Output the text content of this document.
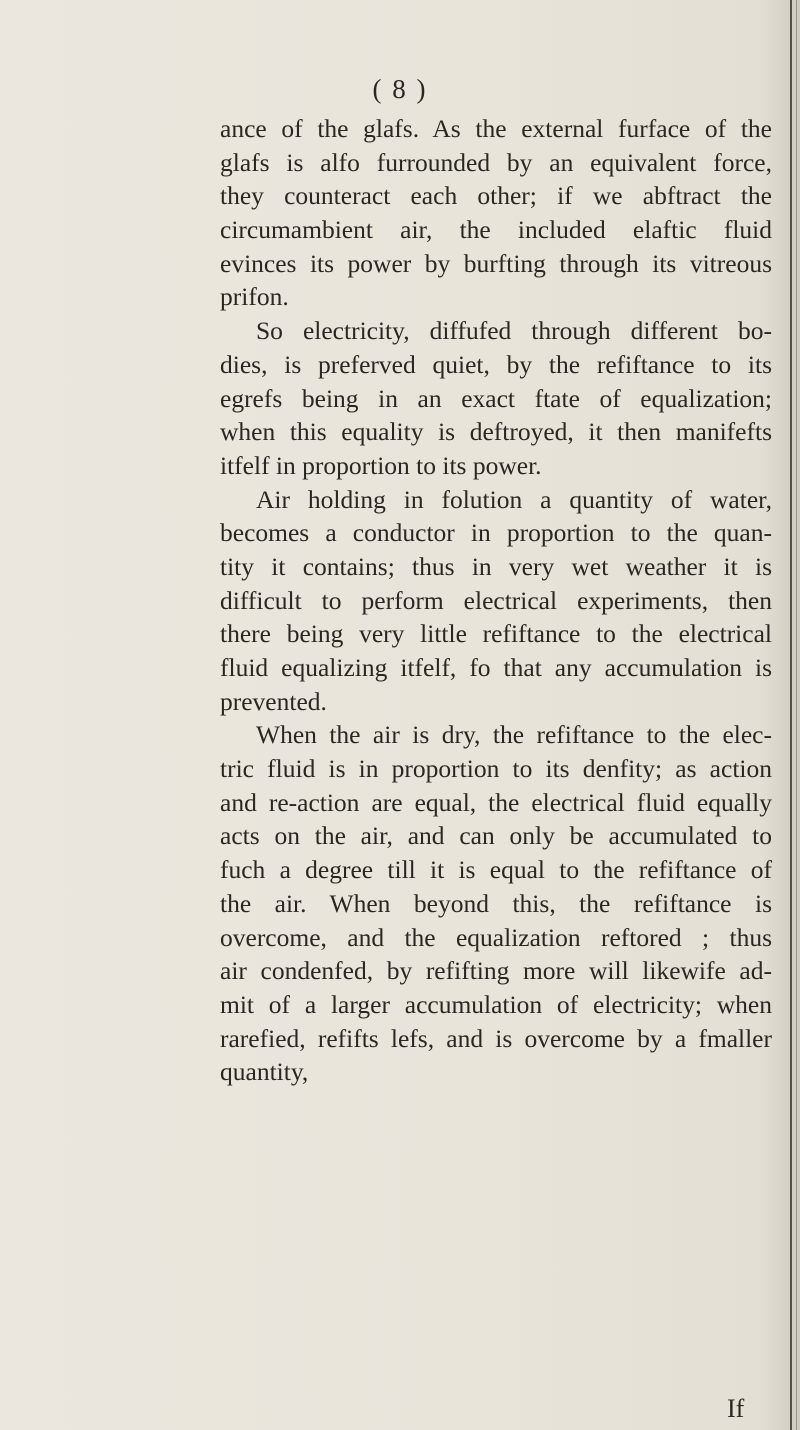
( 8 )
ance of the glafs. As the external furface of the
glafs is alfo furrounded by an equivalent force,
they counteract each other; if we abftract the
circumambient air, the included elaftic fluid
evinces its power by burfting through its vitreous
prifon.
So electricity, diffufed through different bo-
dies, is preferved quiet, by the refiftance to its
egrefs being in an exact ftate of equalization;
when this equality is deftroyed, it then manifefts
itfelf in proportion to its power.
Air holding in folution a quantity of water,
becomes a conductor in proportion to the quan-
tity it contains; thus in very wet weather it is
difficult to perform electrical experiments, then
there being very little refiftance to the electrical
fluid equalizing itfelf, fo that any accumulation is
prevented.
When the air is dry, the refiftance to the elec-
tric fluid is in proportion to its denfity; as action
and re-action are equal, the electrical fluid equally
acts on the air, and can only be accumulated to
fuch a degree till it is equal to the refiftance of
the air. When beyond this, the refiftance is
overcome, and the equalization reftored ; thus
air condenfed, by refifting more will likewife ad-
mit of a larger accumulation of electricity; when
rarefied, refifts lefs, and is overcome by a fmaller
quantity,
If
